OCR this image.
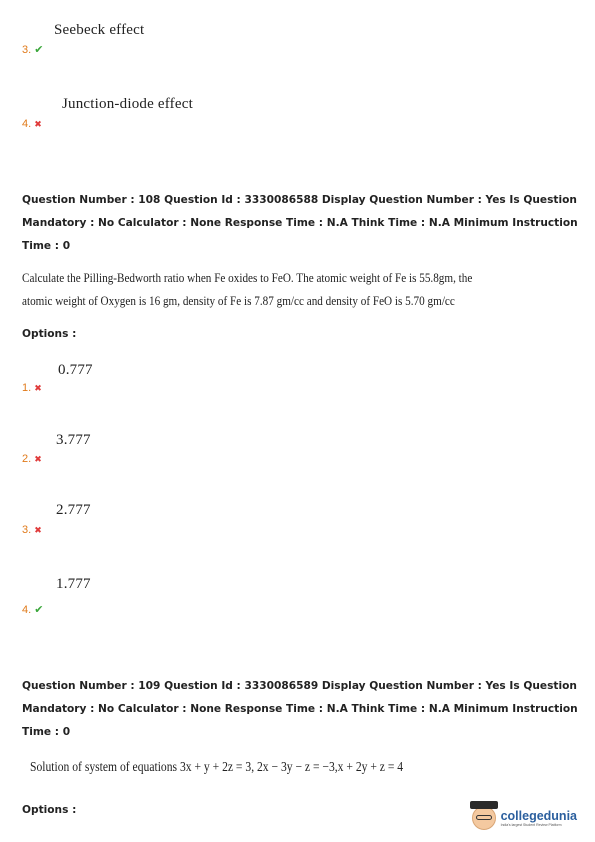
Seebeck effect
3. ✔
Junction-diode effect
4. ✖
Question Number : 108 Question Id : 3330086588 Display Question Number : Yes Is Question
Mandatory : No Calculator : None Response Time : N.A Think Time : N.A Minimum Instruction
Time : 0
Calculate the Pilling-Bedworth ratio when Fe oxides to FeO. The atomic weight of Fe is 55.8gm, the
atomic weight of Oxygen is 16 gm, density of Fe is 7.87 gm/cc and density of FeO is 5.70 gm/cc
Options :
0.777
1. ✖
3.777
2. ✖
2.777
3. ✖
1.777
4. ✔
Question Number : 109 Question Id : 3330086589 Display Question Number : Yes Is Question
Mandatory : No Calculator : None Response Time : N.A Think Time : N.A Minimum Instruction
Time : 0
Solution of system of equations 3x + y + 2z = 3, 2x − 3y − z = −3,x + 2y + z = 4
Options :	collegedunia
India's largest Student Review Platform
